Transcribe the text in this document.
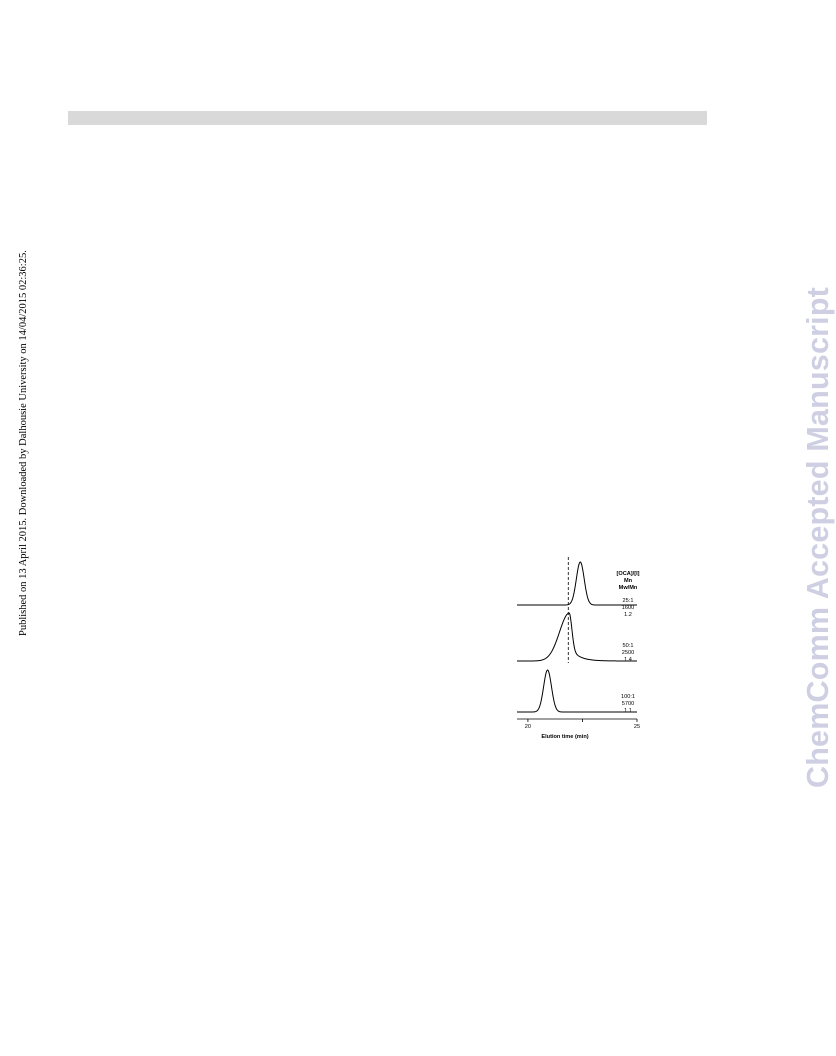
Published on 13 April 2015. Downloaded by Dalhousie University on 14/04/2015 02:36:25.	ChemComm Accepted Manuscript
20	25
Elution time (min)
[OCA]/[I]
Mn
Mw/Mn
25:1
1600
1.2
50:1
2500
1.4
100:1
5700
1.1
